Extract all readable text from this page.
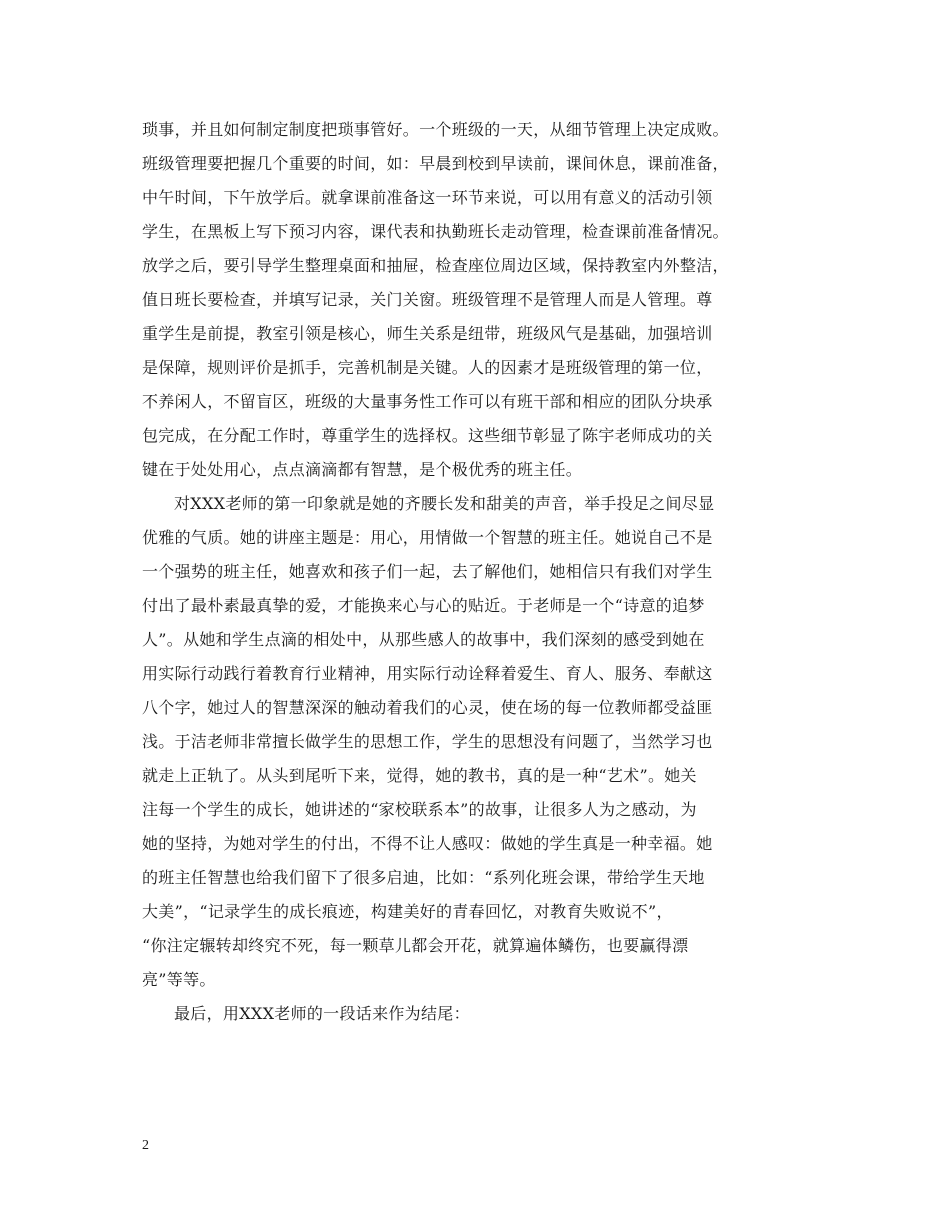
琐事，并且如何制定制度把琐事管好。一个班级的一天，从细节管理上决定成败。
班级管理要把握几个重要的时间，如：早晨到校到早读前，课间休息，课前准备，
中午时间，下午放学后。就拿课前准备这一环节来说，可以用有意义的活动引领
学生，在黑板上写下预习内容，课代表和执勤班长走动管理，检查课前准备情况。
放学之后，要引导学生整理桌面和抽屉，检查座位周边区域，保持教室内外整洁，
值日班长要检查，并填写记录，关门关窗。班级管理不是管理人而是人管理。尊
重学生是前提，教室引领是核心，师生关系是纽带，班级风气是基础，加强培训
是保障，规则评价是抓手，完善机制是关键。人的因素才是班级管理的第一位，
不养闲人，不留盲区，班级的大量事务性工作可以有班干部和相应的团队分块承
包完成，在分配工作时，尊重学生的选择权。这些细节彰显了陈宇老师成功的关
键在于处处用心，点点滴滴都有智慧，是个极优秀的班主任。
对XXX老师的第一印象就是她的齐腰长发和甜美的声音，举手投足之间尽显
优雅的气质。她的讲座主题是：用心，用情做一个智慧的班主任。她说自己不是
一个强势的班主任，她喜欢和孩子们一起，去了解他们，她相信只有我们对学生
付出了最朴素最真挚的爱，才能换来心与心的贴近。于老师是一个“诗意的追梦
人”。从她和学生点滴的相处中，从那些感人的故事中，我们深刻的感受到她在
用实际行动践行着教育行业精神，用实际行动诠释着爱生、育人、服务、奉献这
八个字，她过人的智慧深深的触动着我们的心灵，使在场的每一位教师都受益匪
浅。于洁老师非常擅长做学生的思想工作，学生的思想没有问题了，当然学习也
就走上正轨了。从头到尾听下来，觉得，她的教书，真的是一种“艺术”。她关
注每一个学生的成长，她讲述的“家校联系本”的故事，让很多人为之感动，为
她的坚持，为她对学生的付出，不得不让人感叹：做她的学生真是一种幸福。她
的班主任智慧也给我们留下了很多启迪，比如：“系列化班会课，带给学生天地
大美”，“记录学生的成长痕迹，构建美好的青春回忆，对教育失败说不”，
“你注定辗转却终究不死，每一颗草儿都会开花，就算遍体鳞伤，也要赢得漂
亮”等等。
最后，用XXX老师的一段话来作为结尾：
2
